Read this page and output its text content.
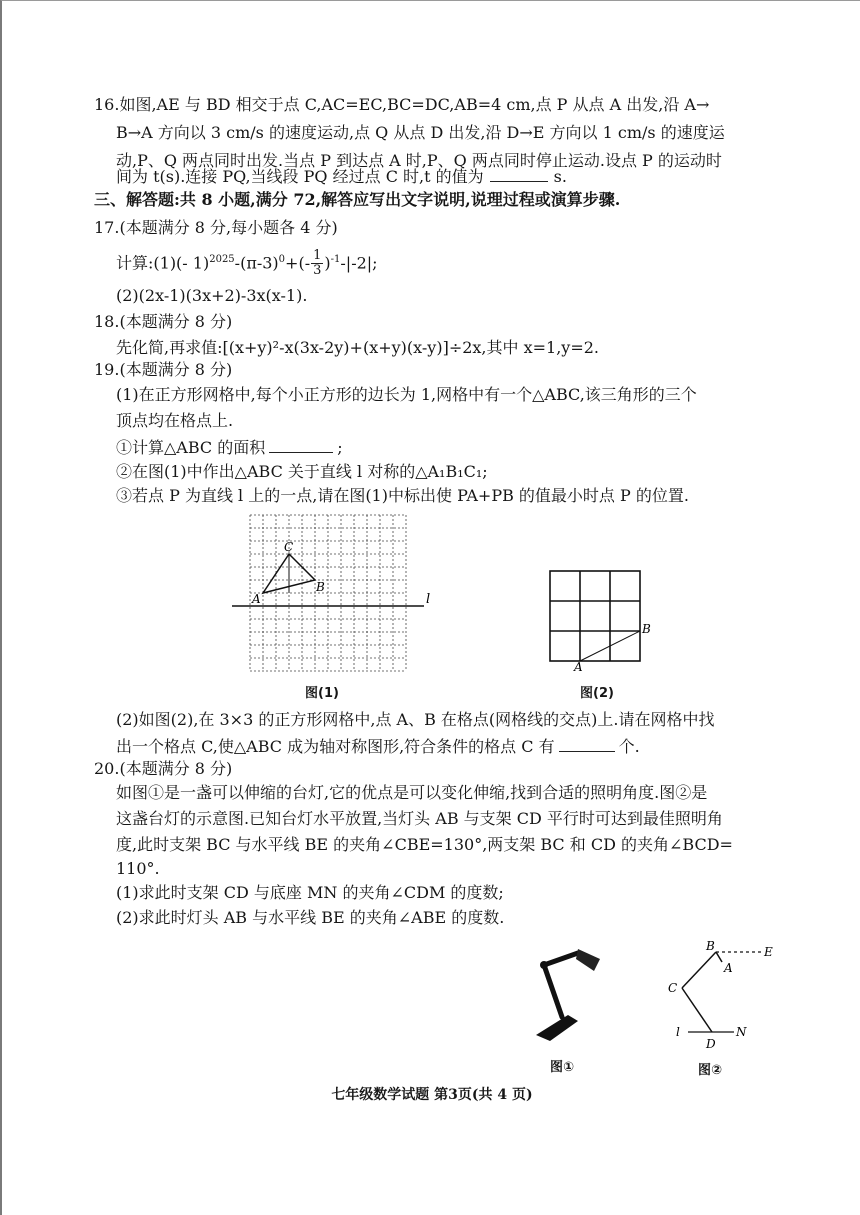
16.如图,AE 与 BD 相交于点 C,AC=EC,BC=DC,AB=4 cm,点 P 从点 A 出发,沿 A→
B→A 方向以 3 cm/s 的速度运动,点 Q 从点 D 出发,沿 D→E 方向以 1 cm/s 的速度运
动,P、Q 两点同时出发.当点 P 到达点 A 时,P、Q 两点同时停止运动.设点 P 的运动时
间为 t(s).连接 PQ,当线段 PQ 经过点 C 时,t 的值为	s.
三、解答题:共 8 小题,满分 72,解答应写出文字说明,说理过程或演算步骤.
17.(本题满分 8 分,每小题各 4 分)
计算:(1)(- $1)^{2025}-(\pi-3)^0+(- \frac{1}{3} )^{-1}-|-2|$;
(2)(2x-1)(3x+2)-3x(x-1).
18.(本题满分 8 分)
先化简,再求值:[(x+y)²-x(3x-2y)+(x+y)(x-y)]÷2x,其中 x=1,y=2.
19.(本题满分 8 分)
(1)在正方形网格中,每个小正方形的边长为 1,网格中有一个△ABC,该三角形的三个
顶点均在格点上.
①计算△ABC 的面积	;
②在图(1)中作出△ABC 关于直线 l 对称的△A₁B₁C₁;
③若点 P 为直线 l 上的一点,请在图(1)中标出使 PA+PB 的值最小时点 P 的位置.
A
B
C
l
图(1)
A
B
图(2)
(2)如图(2),在 3×3 的正方形网格中,点 A、B 在格点(网格线的交点)上.请在网格中找
出一个格点 C,使△ABC 成为轴对称图形,符合条件的格点 C 有	个.
20.(本题满分 8 分)
如图①是一盏可以伸缩的台灯,它的优点是可以变化伸缩,找到合适的照明角度.图②是
这盏台灯的示意图.已知台灯水平放置,当灯头 AB 与支架 CD 平行时可达到最佳照明角
度,此时支架 BC 与水平线 BE 的夹角∠CBE=130°,两支架 BC 和 CD 的夹角∠BCD=
110°.
(1)求此时支架 CD 与底座 MN 的夹角∠CDM 的度数;
(2)求此时灯头 AB 与水平线 BE 的夹角∠ABE 的度数.
图①
B	E
A
C
D
N
l
图②
七年级数学试题 第3页(共 4 页)
